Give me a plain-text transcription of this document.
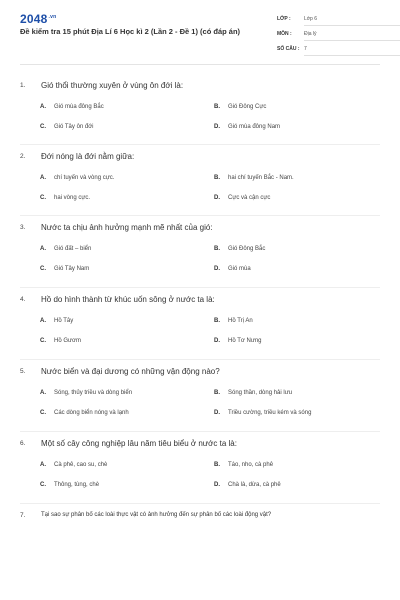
$2048^{.vn}$
Đề kiểm tra 15 phút Địa Lí 6 Học kì 2 (Lần 2 - Đề 1) (có đáp án)
LỚP :	Lớp 6
MÔN : Địa lý
SỐ CÂU : 7
1. Gió thổi thường xuyên ở vùng ôn đới là:
A. Gió mùa đông Bắc	B. Gió Đông Cực
C. Gió Tây ôn đới	D. Gió mùa đông Nam
2. Đới nóng là đới nằm giữa:
A. chí tuyến và vòng cực.	B. hai chí tuyến Bắc - Nam.
C. hai vòng cực.	D. Cực và cận cực
3. Nước ta chịu ảnh hưởng mạnh mẽ nhất của gió:
A. Gió đất – biển	B. Gió Đông Bắc
C. Gió Tây Nam	D. Gió mùa
4. Hồ do hình thành từ khúc uốn sông ở nước ta là:
A. Hồ Tây	B. Hồ Trị An
C. Hồ Gươm	D. Hồ Tơ Nưng
5. Nước biển và đại dương có những vận động nào?
A. Sóng, thủy triều và dòng biển	B. Sóng thần, dòng hải lưu
C. Các dòng biển nóng và lạnh	D. Triều cường, triều kém và sóng
6. Một số cây công nghiệp lâu năm tiêu biểu ở nước ta là:
A. Cà phê, cao su, chè	B. Táo, nho, cà phê
C. Thông, tùng, chè	D. Chà là, dừa, cà phê
7.	Tại sao sự phân bố các loài thực vật có ảnh hưởng đến sự phân bố các loài động vật?
